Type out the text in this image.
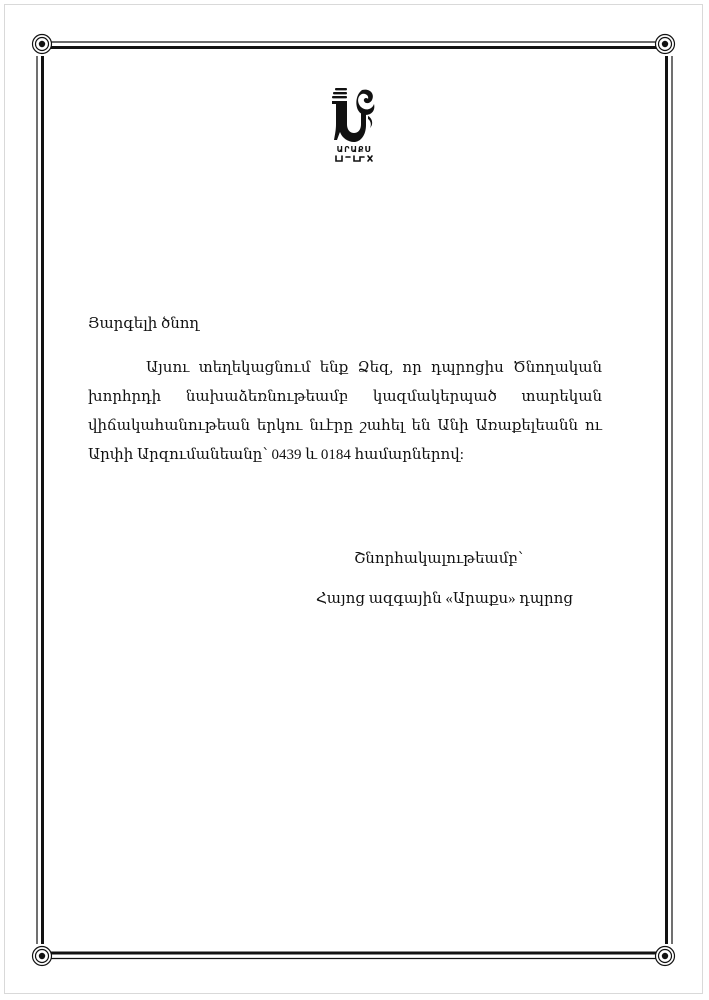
ԱՐԱՔՍ

Յարգելի ծնող

Այսու տեղեկացնում ենք Ձեզ, որ դպրոցիս Ծնողական խորհրդի նախաձեռնութեամբ կազմակերպած տարեկան վիճակահանութեան երկու նւէրը շահել են Անի Առաքելեանն ու Արփի Արզումանեանը՝ 0439 և 0184 համարներով:

Շնորհակալութեամբ՝

Հայոց ազգային «Արաքս» դպրոց
